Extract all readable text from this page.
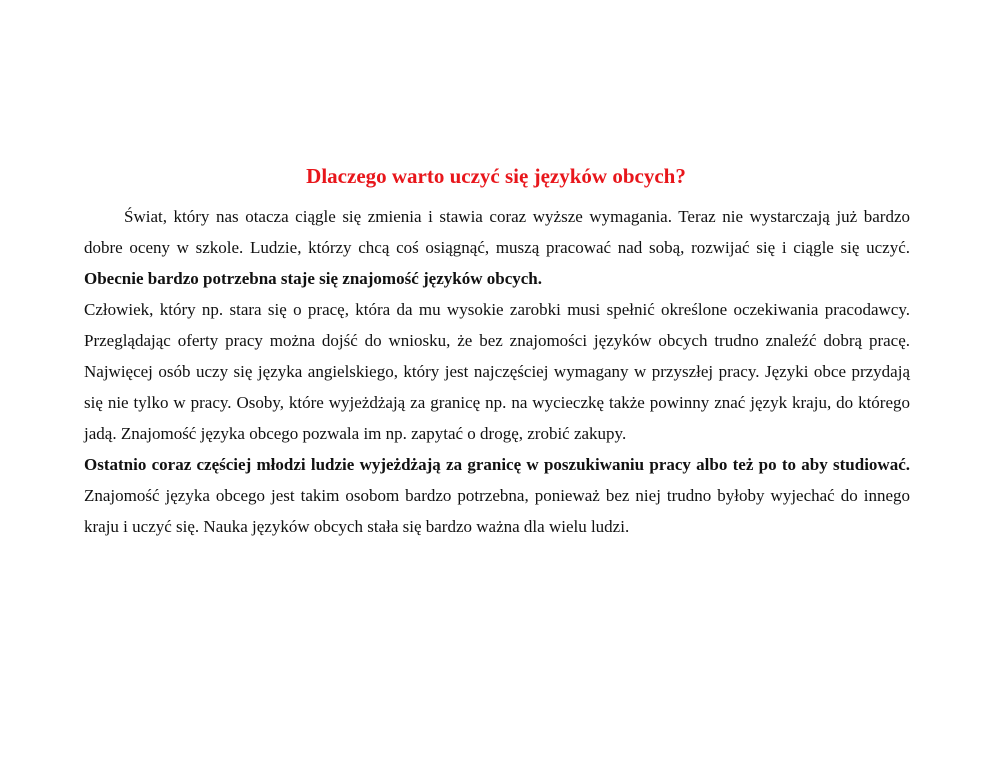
Dlaczego warto uczyć się języków obcych?

Świat, który nas otacza ciągle się zmienia i stawia coraz wyższe wymagania. Teraz nie wystarczają już bardzo dobre oceny w szkole. Ludzie, którzy chcą coś osiągnąć, muszą pracować nad sobą, rozwijać się i ciągle się uczyć. Obecnie bardzo potrzebna staje się znajomość języków obcych.

Człowiek, który np. stara się o pracę, która da mu wysokie zarobki musi spełnić określone oczekiwania pracodawcy. Przeglądając oferty pracy można dojść do wniosku, że bez znajomości języków obcych trudno znaleźć dobrą pracę. Najwięcej osób uczy się języka angielskiego, który jest najczęściej wymagany w przyszłej pracy. Języki obce przydają się nie tylko w pracy. Osoby, które wyjeżdżają za granicę np. na wycieczkę także powinny znać język kraju, do którego jadą. Znajomość języka obcego pozwala im np. zapytać o drogę, zrobić zakupy.

Ostatnio coraz częściej młodzi ludzie wyjeżdżają za granicę w poszukiwaniu pracy albo też po to aby studiować. Znajomość języka obcego jest takim osobom bardzo potrzebna, ponieważ bez niej trudno byłoby wyjechać do innego kraju i uczyć się. Nauka języków obcych stała się bardzo ważna dla wielu ludzi.
